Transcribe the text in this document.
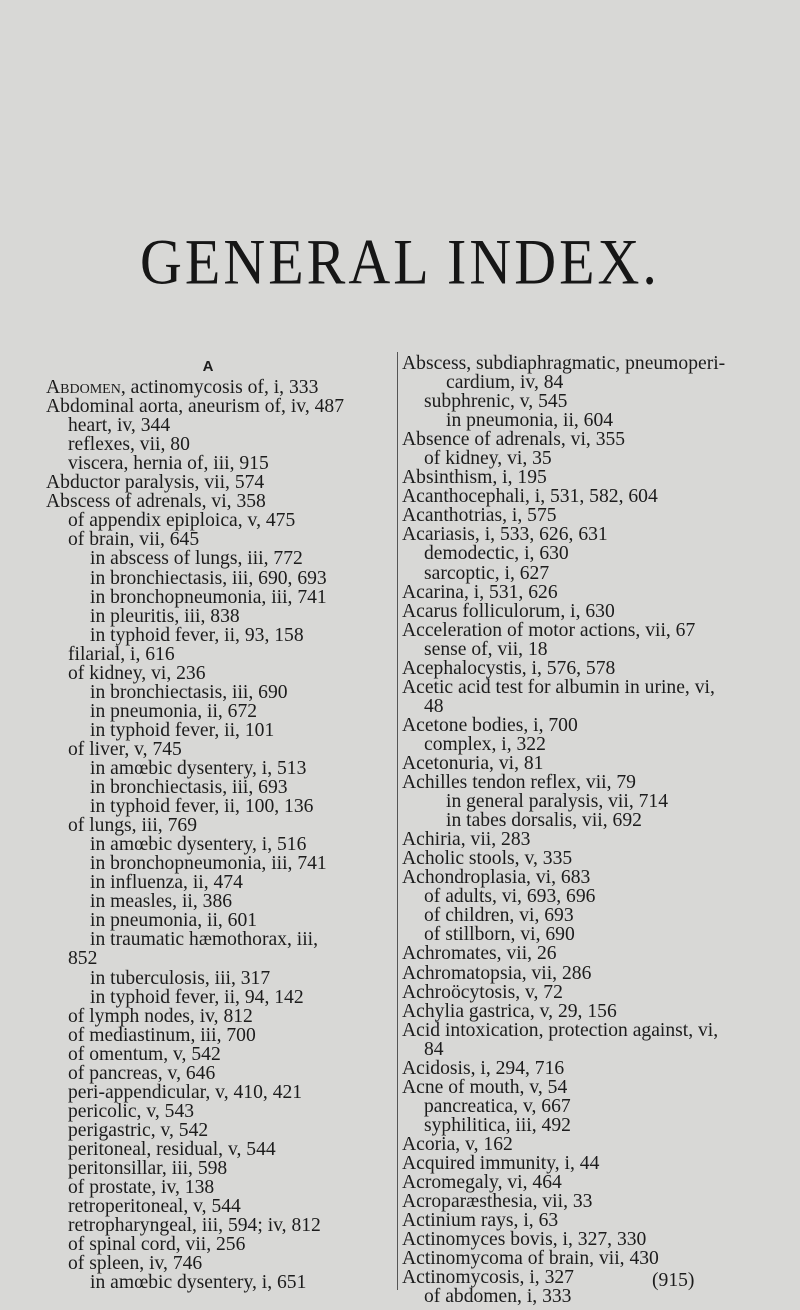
GENERAL INDEX.
A
Abdomen, actinomycosis of, i, 333
Abdominal aorta, aneurism of, iv, 487
heart, iv, 344
reflexes, vii, 80
viscera, hernia of, iii, 915
Abductor paralysis, vii, 574
Abscess of adrenals, vi, 358
of appendix epiploica, v, 475
of brain, vii, 645
in abscess of lungs, iii, 772
in bronchiectasis, iii, 690, 693
in bronchopneumonia, iii, 741
in pleuritis, iii, 838
in typhoid fever, ii, 93, 158
filarial, i, 616
of kidney, vi, 236
in bronchiectasis, iii, 690
in pneumonia, ii, 672
in typhoid fever, ii, 101
of liver, v, 745
in amœbic dysentery, i, 513
in bronchiectasis, iii, 693
in typhoid fever, ii, 100, 136
of lungs, iii, 769
in amœbic dysentery, i, 516
in bronchopneumonia, iii, 741
in influenza, ii, 474
in measles, ii, 386
in pneumonia, ii, 601
in traumatic hæmothorax, iii,
852
in tuberculosis, iii, 317
in typhoid fever, ii, 94, 142
of lymph nodes, iv, 812
of mediastinum, iii, 700
of omentum, v, 542
of pancreas, v, 646
peri-appendicular, v, 410, 421
pericolic, v, 543
perigastric, v, 542
peritoneal, residual, v, 544
peritonsillar, iii, 598
of prostate, iv, 138
retroperitoneal, v, 544
retropharyngeal, iii, 594; iv, 812
of spinal cord, vii, 256
of spleen, iv, 746
in amœbic dysentery, i, 651
Abscess, subdiaphragmatic, pneumoperi-
cardium, iv, 84
subphrenic, v, 545
in pneumonia, ii, 604
Absence of adrenals, vi, 355
of kidney, vi, 35
Absinthism, i, 195
Acanthocephali, i, 531, 582, 604
Acanthotrias, i, 575
Acariasis, i, 533, 626, 631
demodectic, i, 630
sarcoptic, i, 627
Acarina, i, 531, 626
Acarus folliculorum, i, 630
Acceleration of motor actions, vii, 67
sense of, vii, 18
Acephalocystis, i, 576, 578
Acetic acid test for albumin in urine, vi,
48
Acetone bodies, i, 700
complex, i, 322
Acetonuria, vi, 81
Achilles tendon reflex, vii, 79
in general paralysis, vii, 714
in tabes dorsalis, vii, 692
Achiria, vii, 283
Acholic stools, v, 335
Achondroplasia, vi, 683
of adults, vi, 693, 696
of children, vi, 693
of stillborn, vi, 690
Achromates, vii, 26
Achromatopsia, vii, 286
Achroöcytosis, v, 72
Achylia gastrica, v, 29, 156
Acid intoxication, protection against, vi,
84
Acidosis, i, 294, 716
Acne of mouth, v, 54
pancreatica, v, 667
syphilitica, iii, 492
Acoria, v, 162
Acquired immunity, i, 44
Acromegaly, vi, 464
Acroparæsthesia, vii, 33
Actinium rays, i, 63
Actinomyces bovis, i, 327, 330
Actinomycoma of brain, vii, 430
Actinomycosis, i, 327
of abdomen, i, 333
(915)
